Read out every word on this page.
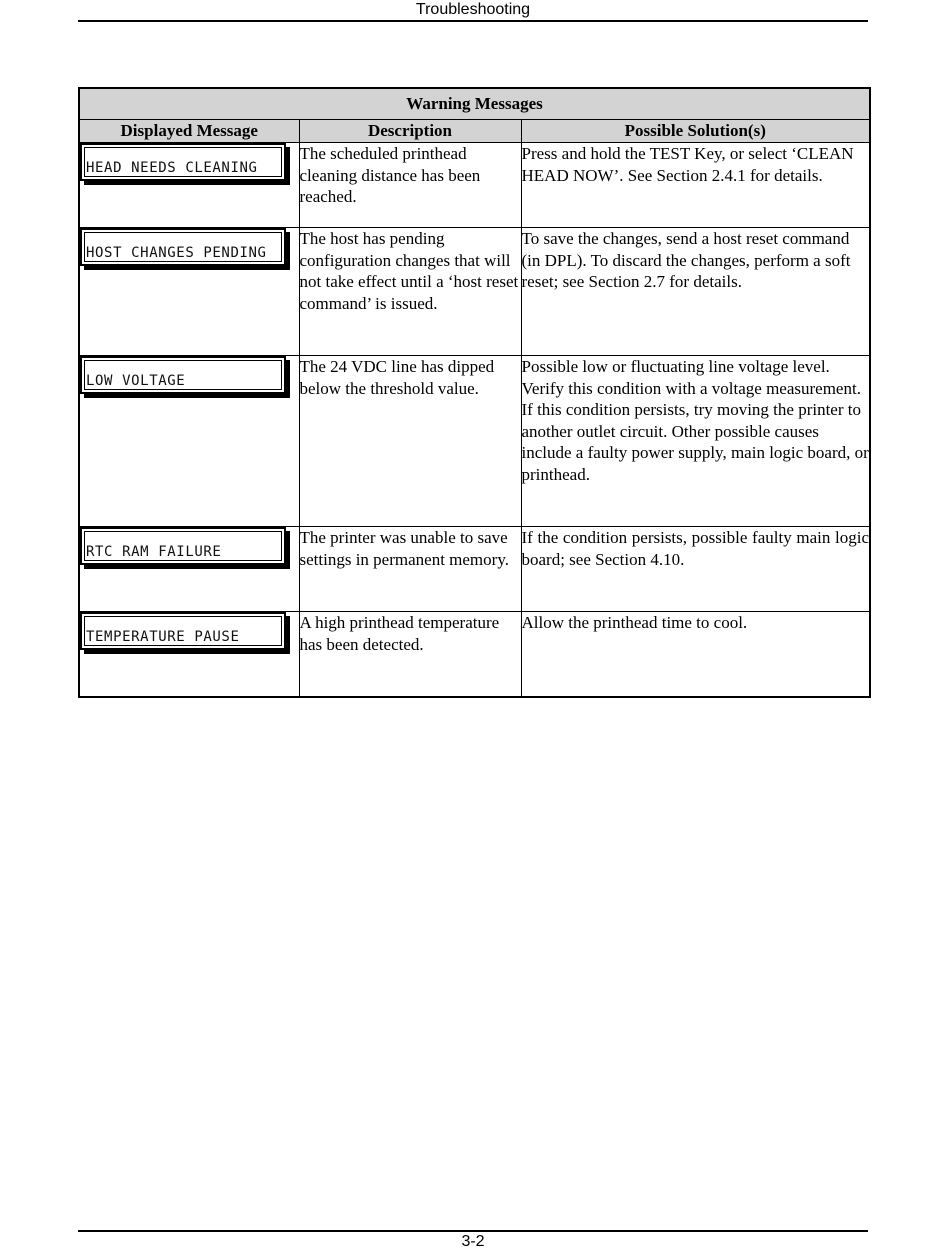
Troubleshooting
Warning Messages		
Displayed Message	Description	Possible Solution(s)

HEAD NEEDS CLEANING	The scheduled printhead cleaning distance has been reached.	Press and hold the TEST Key, or select ‘CLEAN HEAD NOW’. See Section 2.4.1 for details.

HOST CHANGES PENDING	The host has pending configuration changes that will not take effect until a ‘host reset command’ is issued.	To save the changes, send a host reset command (in DPL). To discard the changes, perform a soft reset; see Section 2.7 for details.

LOW VOLTAGE	The 24 VDC line has dipped below the threshold value.	Possible low or fluctuating line voltage level. Verify this condition with a voltage measurement. If this condition persists, try moving the printer to another outlet circuit. Other possible causes include a faulty power supply, main logic board, or printhead.

RTC RAM FAILURE	The printer was unable to save settings in permanent memory.	If the condition persists, possible faulty main logic board; see Section 4.10.

TEMPERATURE PAUSE	A high printhead temperature has been detected.	Allow the printhead time to cool.
3-2
